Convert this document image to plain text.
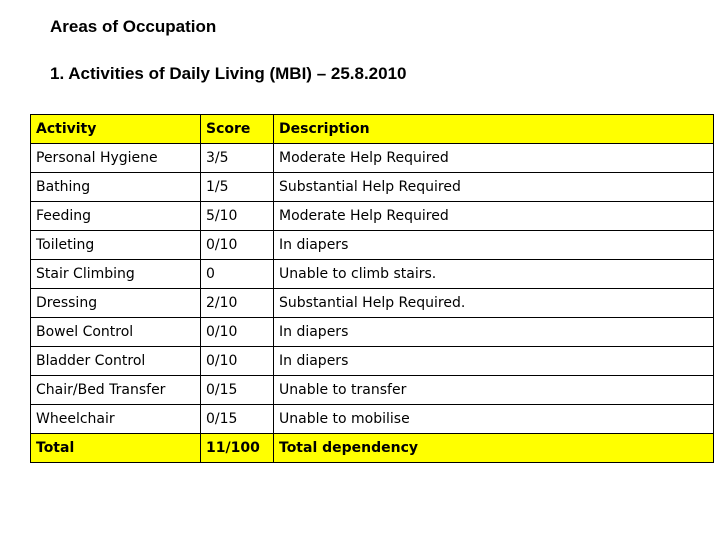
Areas of Occupation
1. Activities of Daily Living (MBI) – 25.8.2010
Activity	Score	Description
Personal Hygiene	3/5	Moderate Help Required
Bathing	1/5	Substantial Help Required
Feeding	5/10	Moderate Help Required
Toileting	0/10	In diapers
Stair Climbing	0	Unable to climb stairs.
Dressing	2/10	Substantial Help Required.
Bowel Control	0/10	In diapers
Bladder Control	0/10	In diapers
Chair/Bed Transfer	0/15	Unable to transfer
Wheelchair	0/15	Unable to mobilise
Total	11/100	Total dependency
